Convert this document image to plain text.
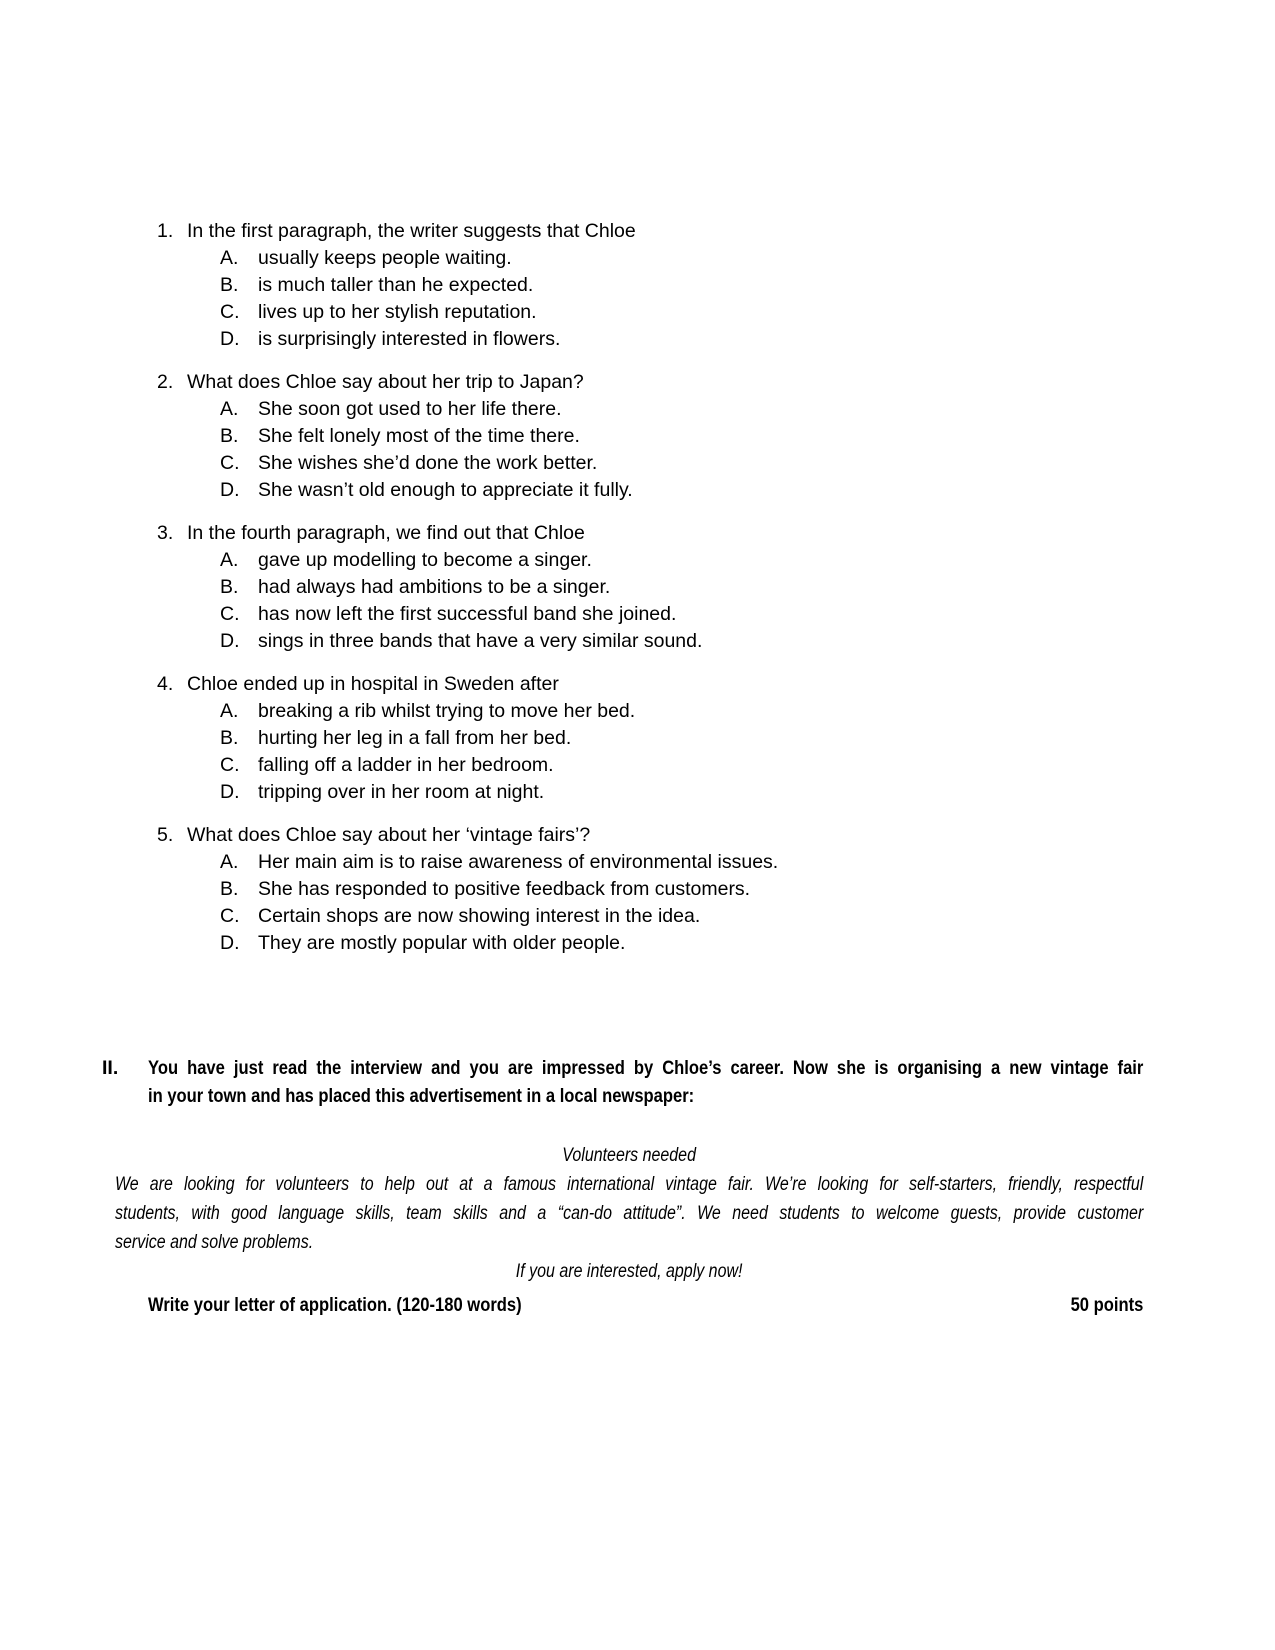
1. In the first paragraph, the writer suggests that Chloe
A.	usually keeps people waiting.
B.	is much taller than he expected.
C. lives up to her stylish reputation.
D. is surprisingly interested in flowers.
2. What does Chloe say about her trip to Japan?
A.	She soon got used to her life there.
B.	She felt lonely most of the time there.
C. She wishes she’d done the work better.
D. She wasn’t old enough to appreciate it fully.
3. In the fourth paragraph, we find out that Chloe
A.	gave up modelling to become a singer.
B.	had always had ambitions to be a singer.
C. has now left the first successful band she joined.
D. sings in three bands that have a very similar sound.
4. Chloe ended up in hospital in Sweden after
A.	breaking a rib whilst trying to move her bed.
B.	hurting her leg in a fall from her bed.
C. falling off a ladder in her bedroom.
D. tripping over in her room at night.
5. What does Chloe say about her ‘vintage fairs’?
A.	Her main aim is to raise awareness of environmental issues.
B.	She has responded to positive feedback from customers.
C. Certain shops are now showing interest in the idea.
D. They are mostly popular with older people.
II.	You have just read the interview and you are impressed by Chloe’s career. Now she is organising a new vintage fair
in your town and has placed this advertisement in a local newspaper:
Volunteers needed
We are looking for volunteers to help out at a famous international vintage fair. We’re looking for self-starters, friendly, respectful
students, with good language skills, team skills and a “can-do attitude”. We need students to welcome guests, provide customer
service and solve problems.
If you are interested, apply now!
Write your letter of application. (120-180 words)	50 points
